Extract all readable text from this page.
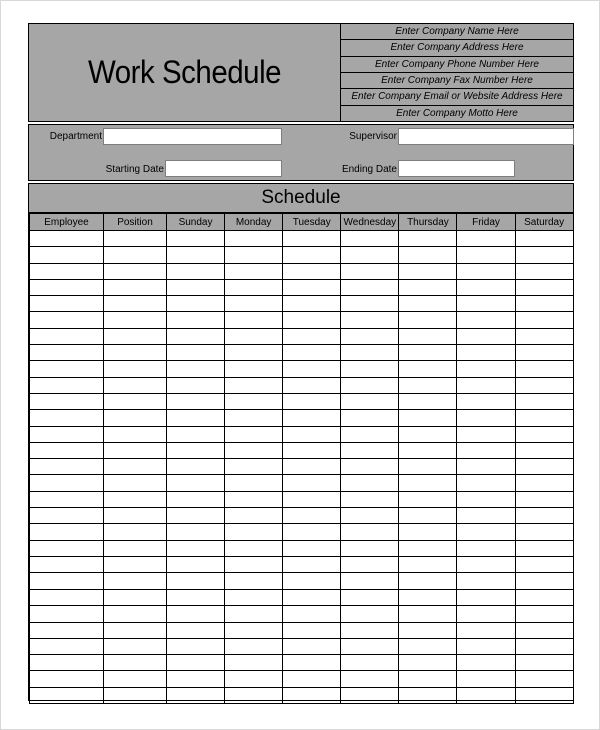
Work Schedule
Enter Company Name Here
Enter Company Address Here
Enter Company Phone Number Here
Enter Company Fax Number Here
Enter Company Email or Website Address Here
Enter Company Motto Here
Department	Supervisor
Starting Date	Ending Date
Schedule
Employee	Position	Sunday	Monday	Tuesday	Wednesday	Thursday	Friday	Saturday
